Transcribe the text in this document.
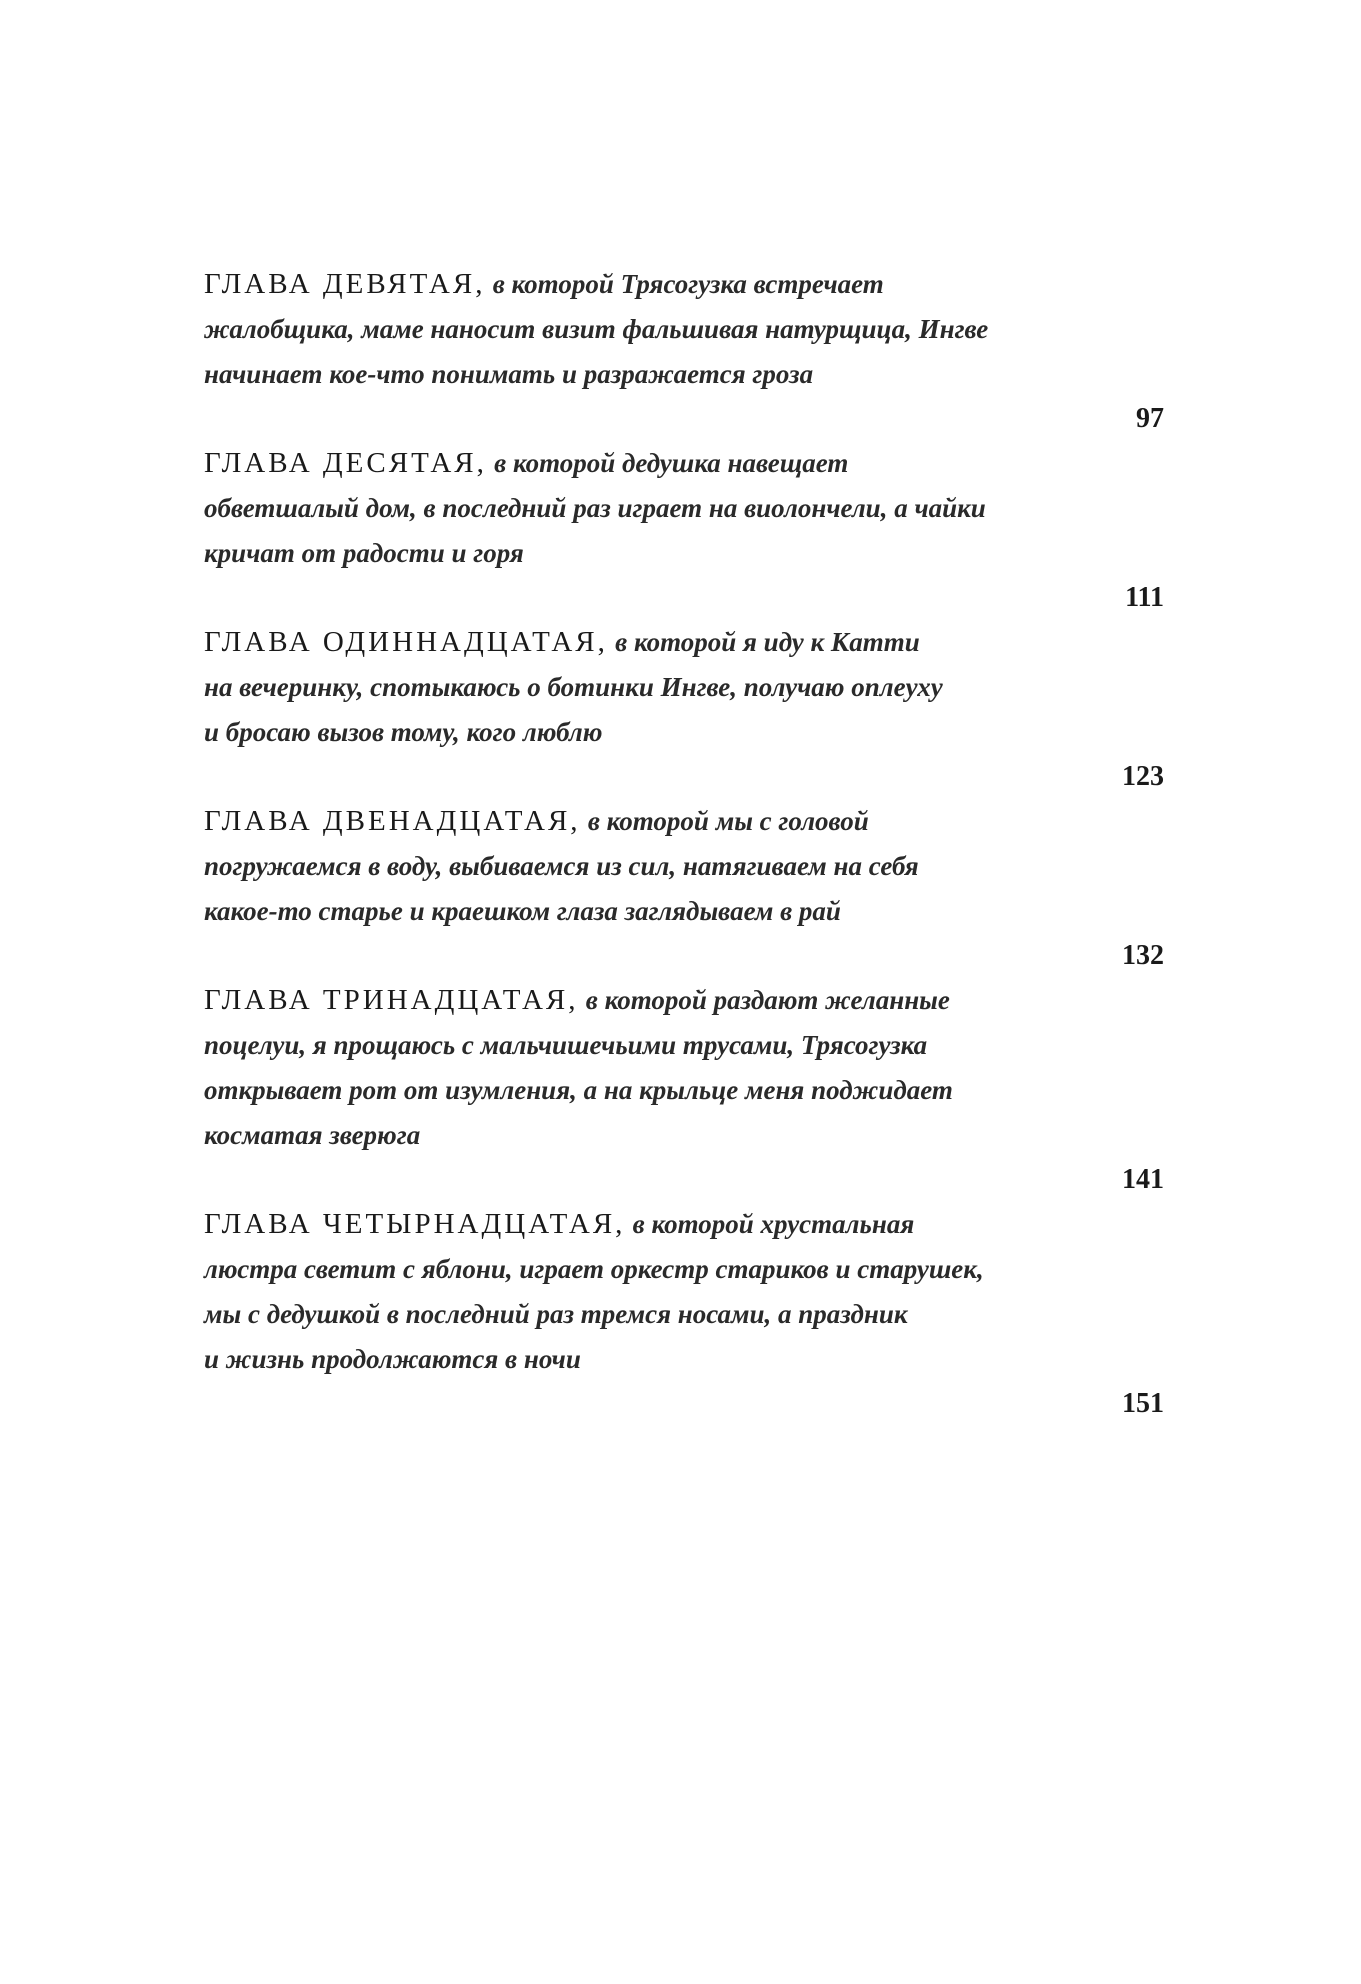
ГЛАВА ДЕВЯТАЯ, в которой Трясогузка встречает
жалобщика, маме наносит визит фальшивая натурщица, Ингве
начинает кое-что понимать и разражается гроза

97

ГЛАВА ДЕСЯТАЯ, в которой дедушка навещает
обветшалый дом, в последний раз играет на виолончели, а чайки
кричат от радости и горя

111

ГЛАВА ОДИННАДЦАТАЯ, в которой я иду к Катти
на вечеринку, спотыкаюсь о ботинки Ингве, получаю оплеуху
и бросаю вызов тому, кого люблю

123

ГЛАВА ДВЕНАДЦАТАЯ, в которой мы с головой
погружаемся в воду, выбиваемся из сил, натягиваем на себя
какое-то старье и краешком глаза заглядываем в рай

132

ГЛАВА ТРИНАДЦАТАЯ, в которой раздают желанные
поцелуи, я прощаюсь с мальчишечьими трусами, Трясогузка
открывает рот от изумления, а на крыльце меня поджидает
косматая зверюга

141

ГЛАВА ЧЕТЫРНАДЦАТАЯ, в которой хрустальная
люстра светит с яблони, играет оркестр стариков и старушек,
мы с дедушкой в последний раз тремся носами, а праздник
и жизнь продолжаются в ночи

151
